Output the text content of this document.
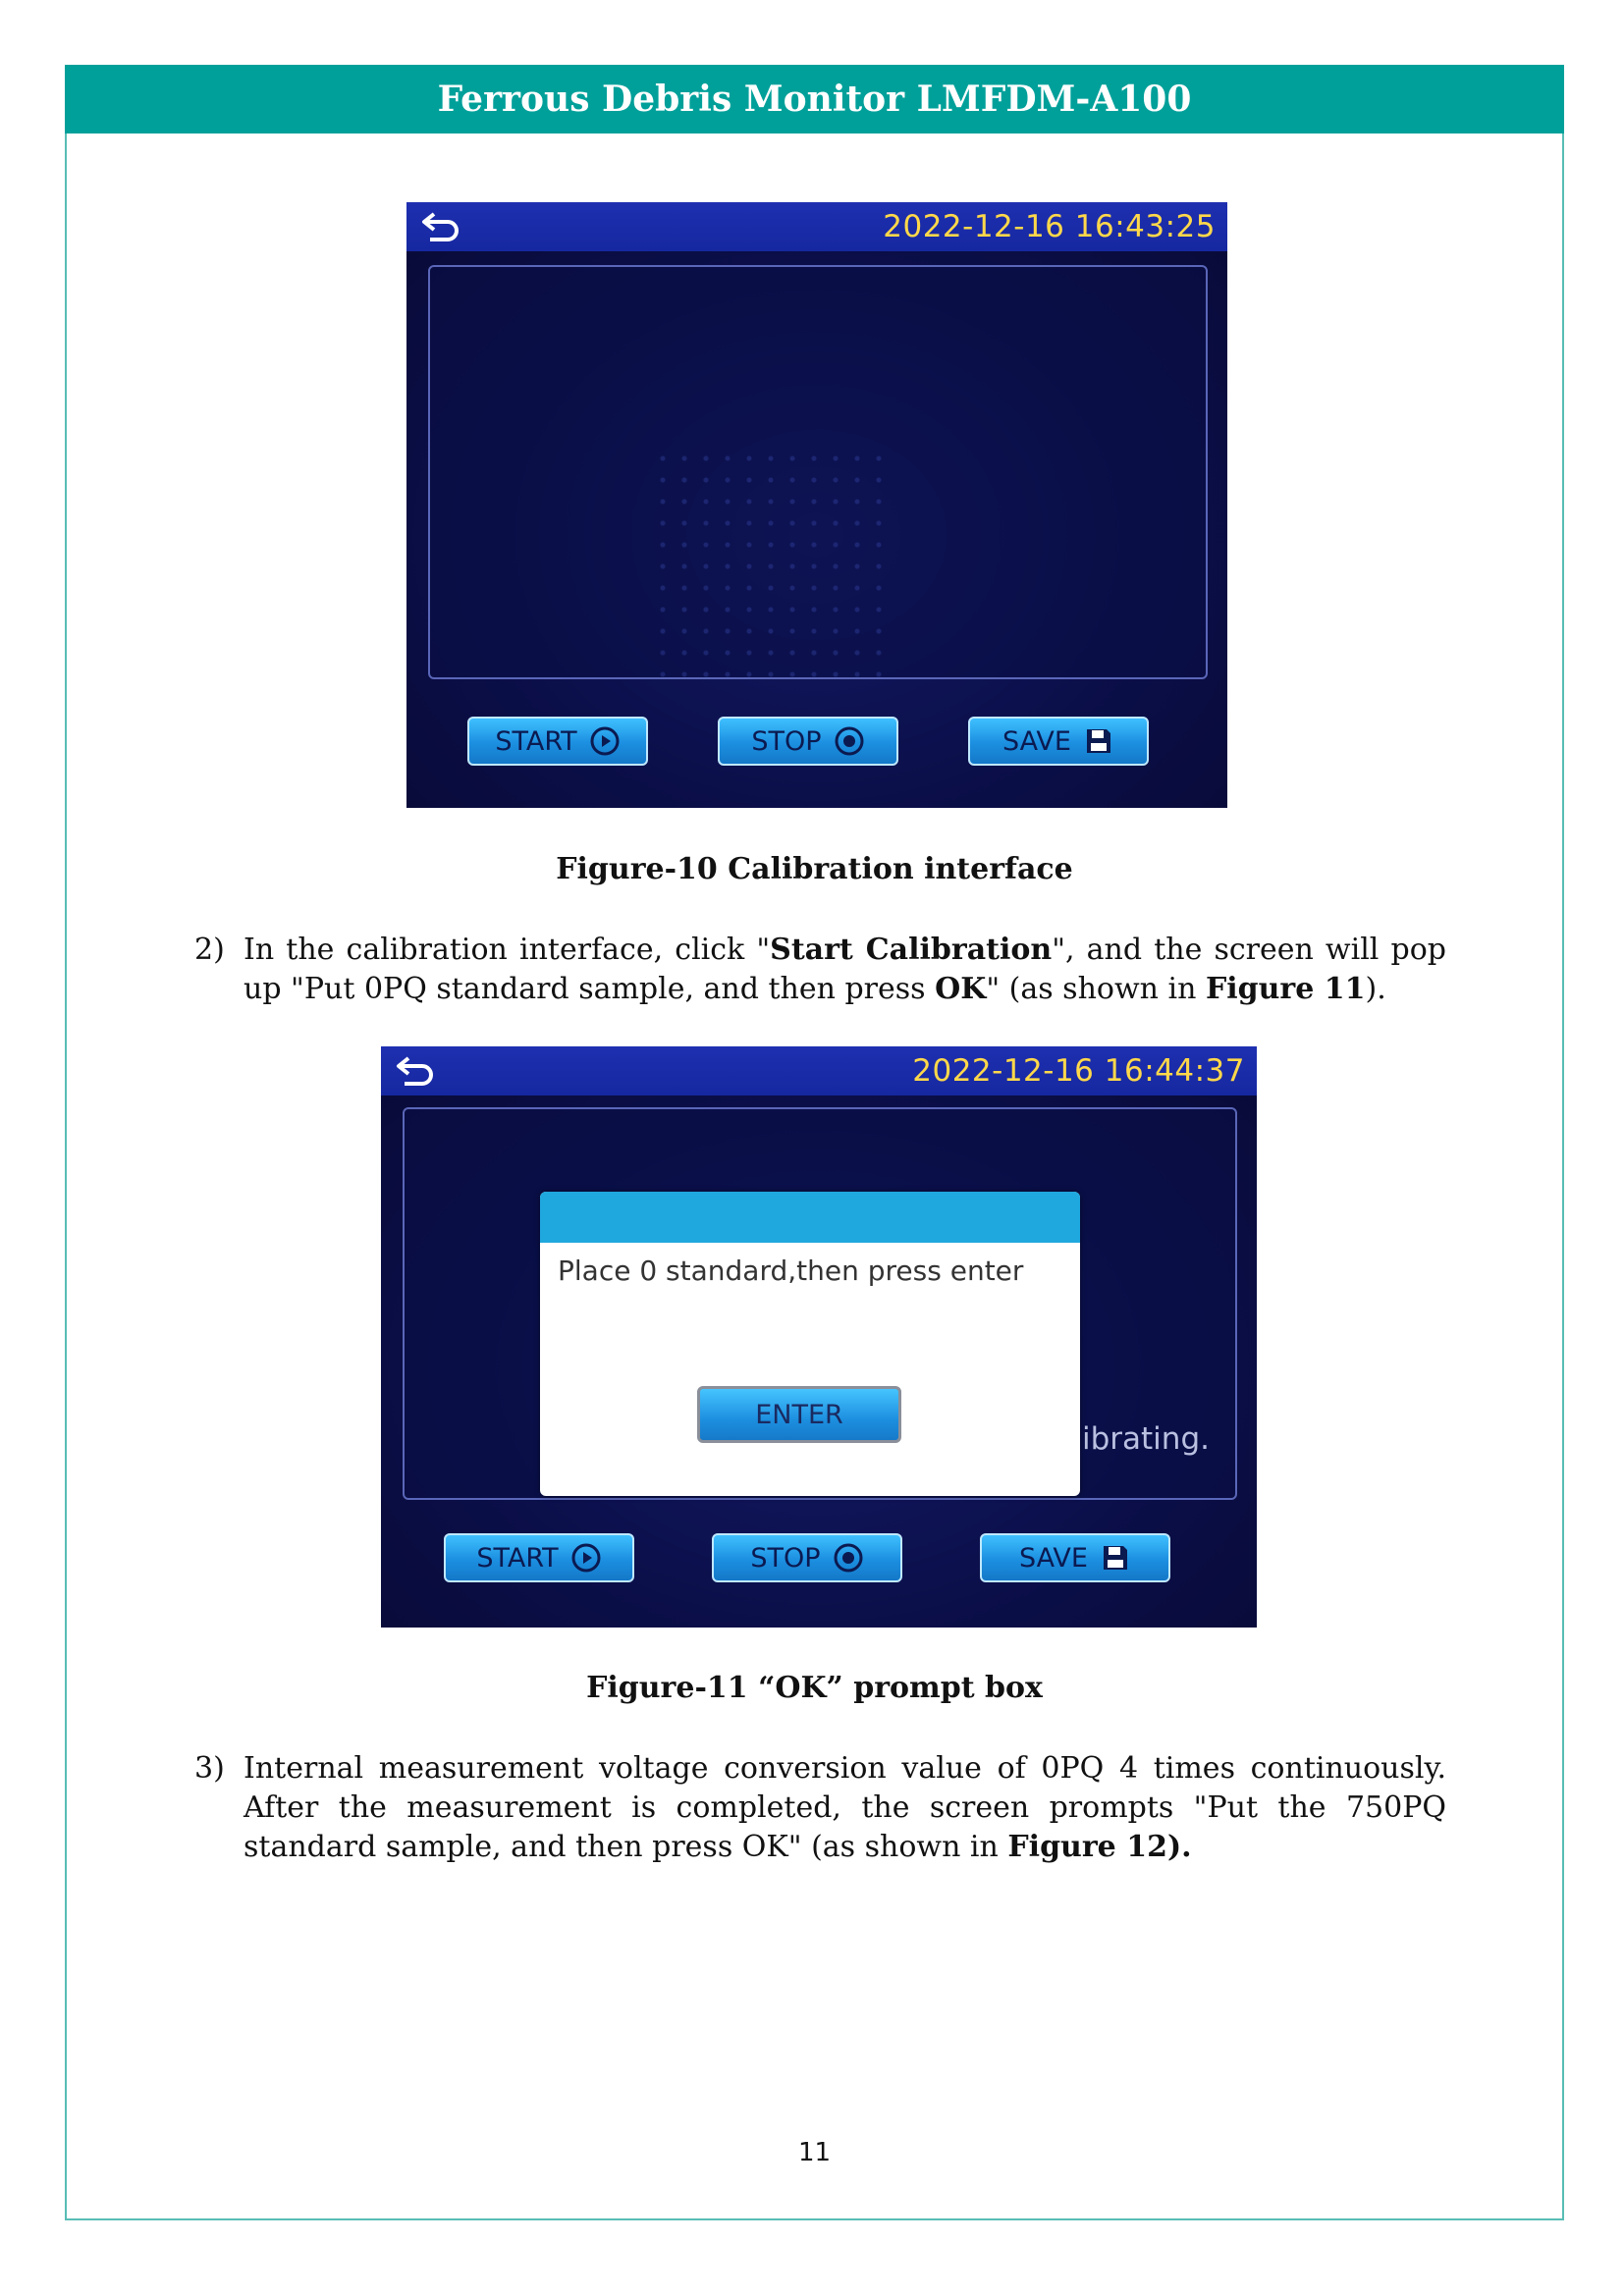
Ferrous Debris Monitor LMFDM-A100
2022-12-16 16:43:25
START	STOP	SAVE
Figure-10 Calibration interface
2) In the calibration interface, click "Start Calibration", and the screen will pop up "Put 0PQ standard sample, and then press OK" (as shown in Figure 11).
2022-12-16 16:44:37
ibrating.
Place 0 standard,then press enter
ENTER
START	STOP	SAVE
Figure-11 “OK” prompt box
3) Internal measurement voltage conversion value of 0PQ 4 times continuously. After the measurement is completed, the screen prompts "Put the 750PQ standard sample, and then press OK" (as shown in Figure 12).
11
